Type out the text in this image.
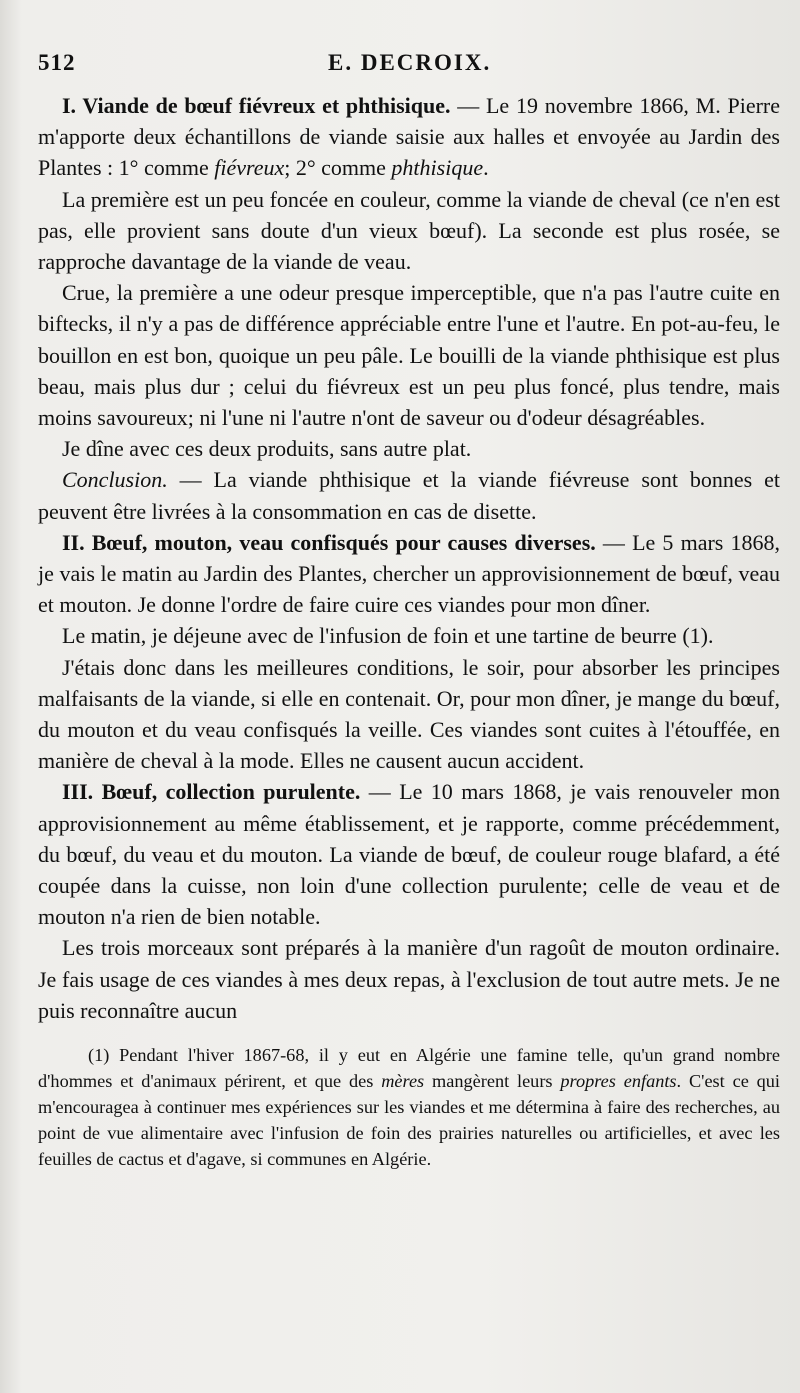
512	E. DECROIX.

I. Viande de bœuf fiévreux et phthisique. — Le 19 novembre 1866, M. Pierre m'apporte deux échantillons de viande saisie aux halles et envoyée au Jardin des Plantes : 1° comme fiévreux; 2° comme phthisique.

La première est un peu foncée en couleur, comme la viande de cheval (ce n'en est pas, elle provient sans doute d'un vieux bœuf). La seconde est plus rosée, se rapproche davantage de la viande de veau.

Crue, la première a une odeur presque imperceptible, que n'a pas l'autre cuite en biftecks, il n'y a pas de différence appréciable entre l'une et l'autre. En pot-au-feu, le bouillon en est bon, quoique un peu pâle. Le bouilli de la viande phthisique est plus beau, mais plus dur ; celui du fiévreux est un peu plus foncé, plus tendre, mais moins savoureux; ni l'une ni l'autre n'ont de saveur ou d'odeur désagréables.

Je dîne avec ces deux produits, sans autre plat.

Conclusion. — La viande phthisique et la viande fiévreuse sont bonnes et peuvent être livrées à la consommation en cas de disette.

II. Bœuf, mouton, veau confisqués pour causes diverses. — Le 5 mars 1868, je vais le matin au Jardin des Plantes, chercher un approvisionnement de bœuf, veau et mouton. Je donne l'ordre de faire cuire ces viandes pour mon dîner.

Le matin, je déjeune avec de l'infusion de foin et une tartine de beurre (1).

J'étais donc dans les meilleures conditions, le soir, pour absorber les principes malfaisants de la viande, si elle en contenait. Or, pour mon dîner, je mange du bœuf, du mouton et du veau confisqués la veille. Ces viandes sont cuites à l'étouffée, en manière de cheval à la mode. Elles ne causent aucun accident.

III. Bœuf, collection purulente. — Le 10 mars 1868, je vais renouveler mon approvisionnement au même établissement, et je rapporte, comme précédemment, du bœuf, du veau et du mouton. La viande de bœuf, de couleur rouge blafard, a été coupée dans la cuisse, non loin d'une collection purulente; celle de veau et de mouton n'a rien de bien notable.

Les trois morceaux sont préparés à la manière d'un ragoût de mouton ordinaire. Je fais usage de ces viandes à mes deux repas, à l'exclusion de tout autre mets. Je ne puis reconnaître aucun

(1) Pendant l'hiver 1867-68, il y eut en Algérie une famine telle, qu'un grand nombre d'hommes et d'animaux périrent, et que des mères mangèrent leurs propres enfants. C'est ce qui m'encouragea à continuer mes expériences sur les viandes et me détermina à faire des recherches, au point de vue alimentaire avec l'infusion de foin des prairies naturelles ou artificielles, et avec les feuilles de cactus et d'agave, si communes en Algérie.
